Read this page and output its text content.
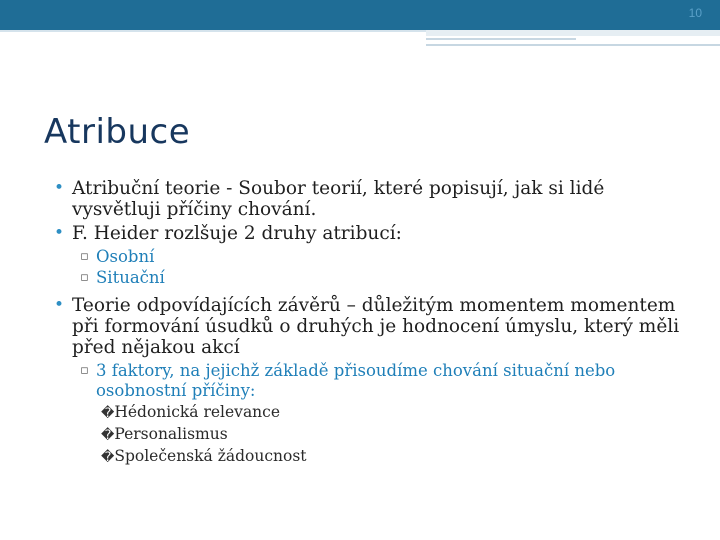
10
Atribuce
• Atribuční teorie - Soubor teorií, které popisují, jak si lidé vysvětluji příčiny chování.
• F. Heider rozlšuje 2 druhy atribucí:
▫ Osobní
▫ Situační
• Teorie odpovídajících závěrů – důležitým momentem momentem při formování úsudků o druhých je hodnocení úmyslu, který měli před nějakou akcí
▫ 3 faktory, na jejichž základě přisoudíme chování situační nebo osobnostní příčiny:
�Hédonická relevance
�Personalismus
�Společenská žádoucnost
